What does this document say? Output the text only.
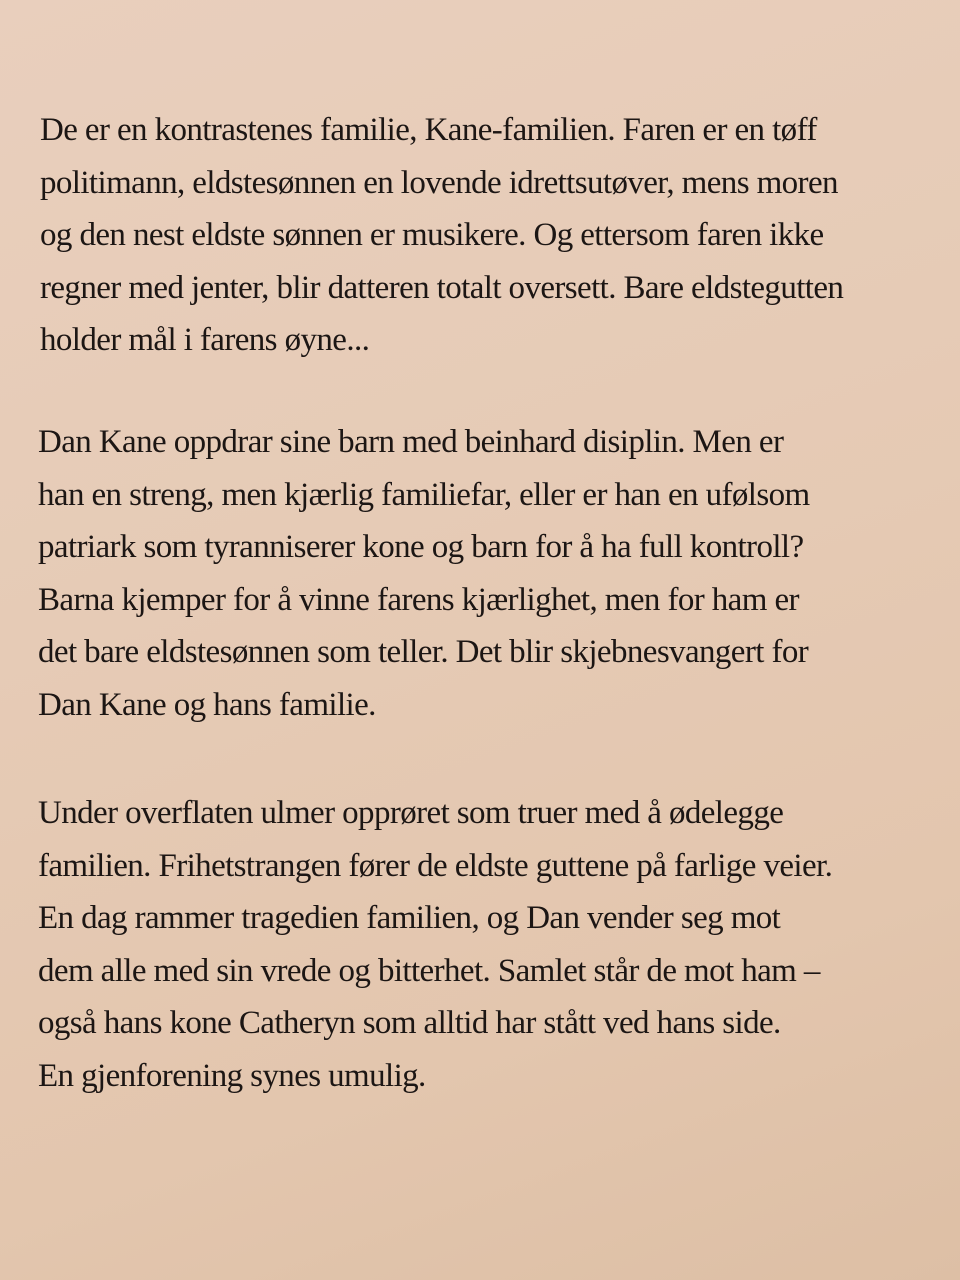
De er en kontrastenes familie, Kane-familien. Faren er en tøff
politimann, eldstesønnen en lovende idrettsutøver, mens moren
og den nest eldste sønnen er musikere. Og ettersom faren ikke
regner med jenter, blir datteren totalt oversett. Bare eldstegutten
holder mål i farens øyne...
Dan Kane oppdrar sine barn med beinhard disiplin. Men er
han en streng, men kjærlig familiefar, eller er han en ufølsom
patriark som tyranniserer kone og barn for å ha full kontroll?
Barna kjemper for å vinne farens kjærlighet, men for ham er
det bare eldstesønnen som teller. Det blir skjebnesvangert for
Dan Kane og hans familie.
Under overflaten ulmer opprøret som truer med å ødelegge
familien. Frihetstrangen fører de eldste guttene på farlige veier.
En dag rammer tragedien familien, og Dan vender seg mot
dem alle med sin vrede og bitterhet. Samlet står de mot ham –
også hans kone Catheryn som alltid har stått ved hans side.
En gjenforening synes umulig.
